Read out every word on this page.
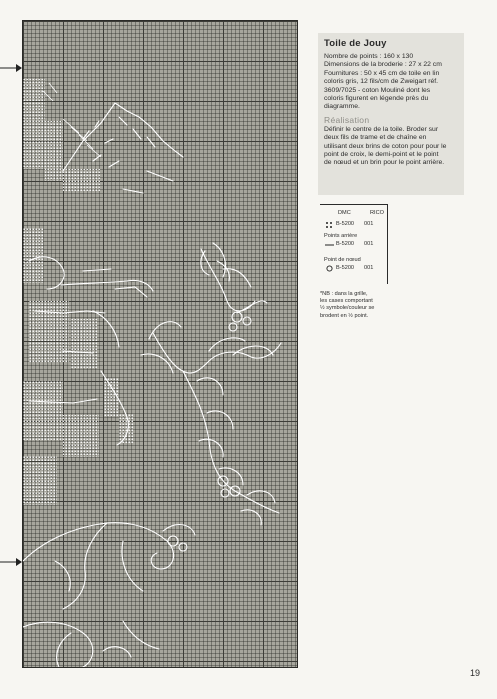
Toile de Jouy

Nombre de points : 160 x 130
Dimensions de la broderie : 27 x 22 cm
Fournitures : 50 x 45 cm de toile en lin
coloris gris, 12 fils/cm de Zweigart réf.
3609/7025 - coton Mouliné dont les
coloris figurent en légende près du
diagramme.

Réalisation

Définir le centre de la toile. Broder sur
deux fils de trame et de chaîne en
utilisant deux brins de coton pour pour le
point de croix, le demi-point et le point
de nœud et un brin pour le point arrière.

DMC	RICO
B-5200	001
Points arrière
B-5200	001
Point de nœud
B-5200	001
*NB : dans la grille,
les cases comportant
½ symbole/couleur se
brodent en ½ point.
19
